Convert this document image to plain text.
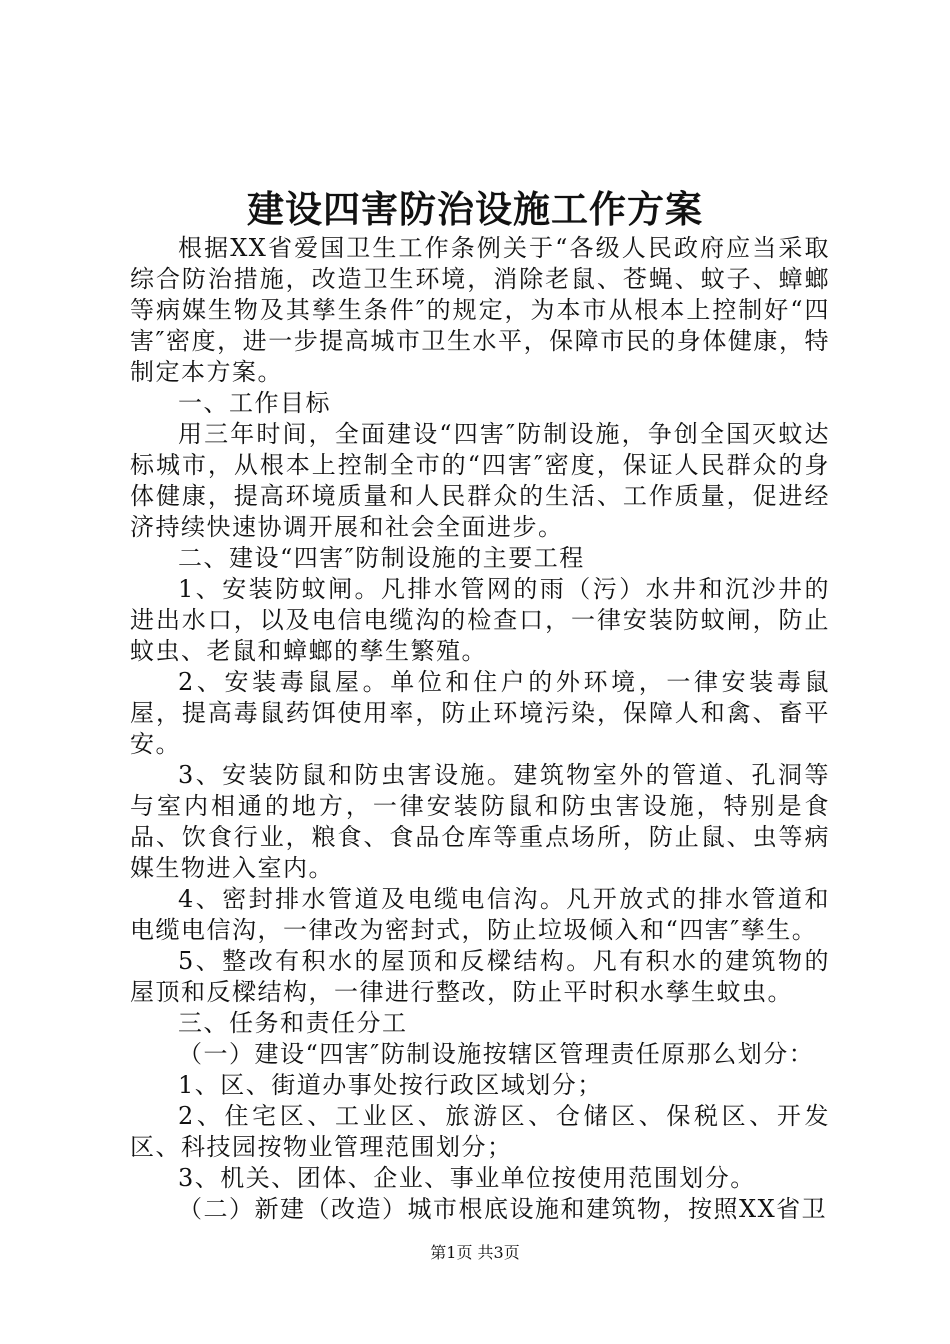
建设四害防治设施工作方案

根据XX省爱国卫生工作条例关于“各级人民政府应当采取综合防治措施，改造卫生环境，消除老鼠、苍蝇、蚊子、蟑螂等病媒生物及其孳生条件″的规定，为本市从根本上控制好“四害″密度，进一步提高城市卫生水平，保障市民的身体健康，特制定本方案。

一、工作目标

用三年时间，全面建设“四害″防制设施，争创全国灭蚊达标城市，从根本上控制全市的“四害″密度，保证人民群众的身体健康，提高环境质量和人民群众的生活、工作质量，促进经济持续快速协调开展和社会全面进步。

二、建设“四害″防制设施的主要工程

1、安装防蚊闸。凡排水管网的雨（污）水井和沉沙井的进出水口，以及电信电缆沟的检查口，一律安装防蚊闸，防止蚊虫、老鼠和蟑螂的孳生繁殖。

2、安装毒鼠屋。单位和住户的外环境，一律安装毒鼠屋，提高毒鼠药饵使用率，防止环境污染，保障人和禽、畜平安。

3、安装防鼠和防虫害设施。建筑物室外的管道、孔洞等与室内相通的地方，一律安装防鼠和防虫害设施，特别是食品、饮食行业，粮食、食品仓库等重点场所，防止鼠、虫等病媒生物进入室内。

4、密封排水管道及电缆电信沟。凡开放式的排水管道和电缆电信沟，一律改为密封式，防止垃圾倾入和“四害″孳生。

5、整改有积水的屋顶和反樑结构。凡有积水的建筑物的屋顶和反樑结构，一律进行整改，防止平时积水孳生蚊虫。

三、任务和责任分工

（一）建设“四害″防制设施按辖区管理责任原那么划分：

1、区、街道办事处按行政区域划分；

2、住宅区、工业区、旅游区、仓储区、保税区、开发区、科技园按物业管理范围划分；

3、机关、团体、企业、事业单位按使用范围划分。

（二）新建（改造）城市根底设施和建筑物，按照XX省卫

第1页 共3页
